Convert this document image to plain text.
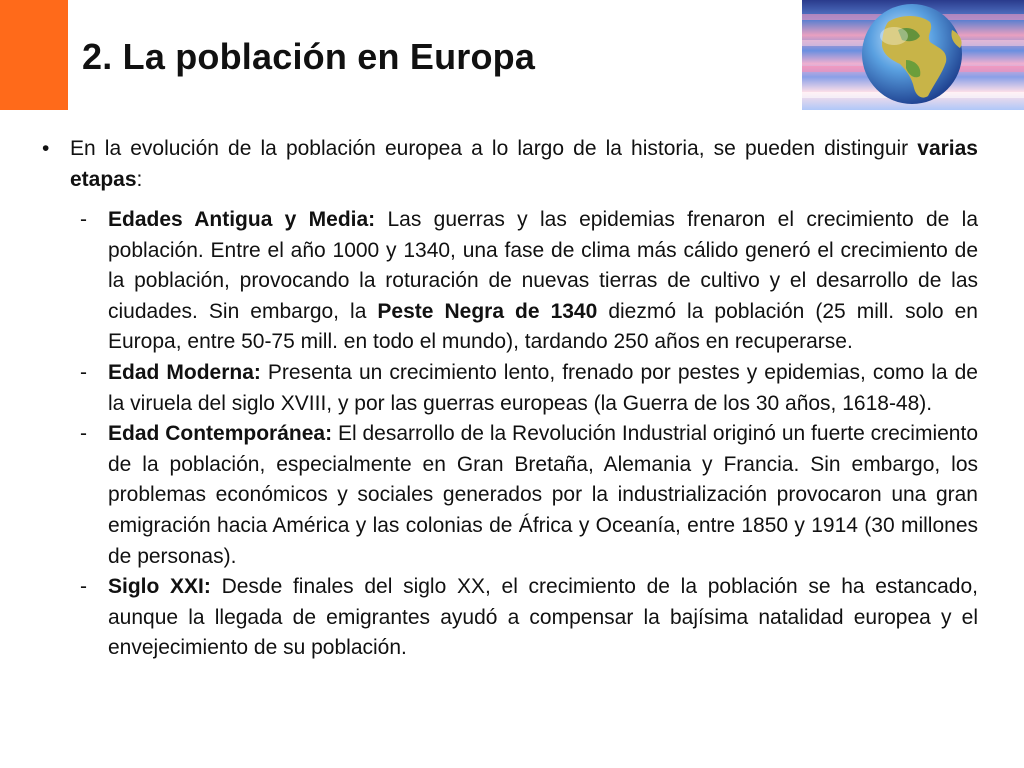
2. La población en Europa
• En la evolución de la población europea a lo largo de la historia, se pueden distinguir varias etapas:
- Edades Antigua y Media: Las guerras y las epidemias frenaron el crecimiento de la población. Entre el año 1000 y 1340, una fase de clima más cálido generó el crecimiento de la población, provocando la roturación de nuevas tierras de cultivo y el desarrollo de las ciudades. Sin embargo, la Peste Negra de 1340 diezmó la población (25 mill. solo en Europa, entre 50-75 mill. en todo el mundo), tardando 250 años en recuperarse.
- Edad Moderna: Presenta un crecimiento lento, frenado por pestes y epidemias, como la de la viruela del siglo XVIII, y por las guerras europeas (la Guerra de los 30 años, 1618-48).
- Edad Contemporánea: El desarrollo de la Revolución Industrial originó un fuerte crecimiento de la población, especialmente en Gran Bretaña, Alemania y Francia. Sin embargo, los problemas económicos y sociales generados por la industrialización provocaron una gran emigración hacia América y las colonias de África y Oceanía, entre 1850 y 1914 (30 millones de personas).
- Siglo XXI: Desde finales del siglo XX, el crecimiento de la población se ha estancado, aunque la llegada de emigrantes ayudó a compensar la bajísima natalidad europea y el envejecimiento de su población.
